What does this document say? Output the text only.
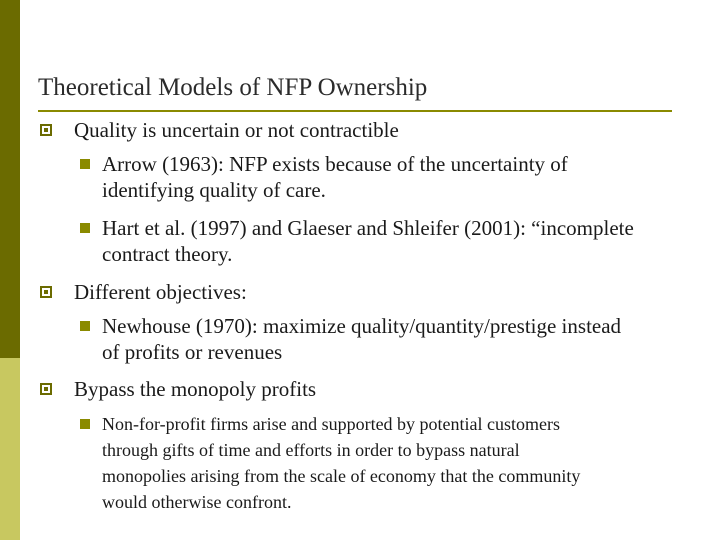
Theoretical Models of NFP Ownership
Quality is uncertain or not contractible
Arrow (1963): NFP exists because of the uncertainty of
identifying quality of care.
Hart et al. (1997) and Glaeser and Shleifer (2001): “incomplete
contract theory.
Different objectives:
Newhouse (1970): maximize quality/quantity/prestige instead
of profits or revenues
Bypass the monopoly profits
Non-for-profit firms arise and supported by potential customers
through gifts of time and efforts in order to bypass natural
monopolies arising from the scale of economy that the community
would otherwise confront.
